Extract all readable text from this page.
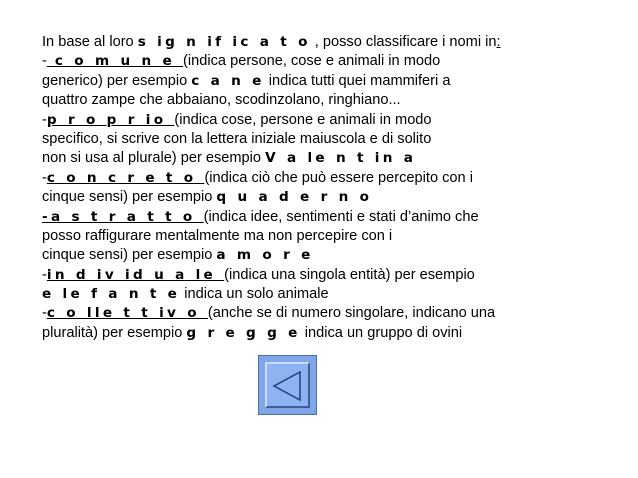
In base al loro s ig n if ic a t o , posso classificare i nomi in:
- c o m u n e (indica persone, cose e animali in modo
generico) per esempio c a n e indica tutti quei mammiferi a
quattro zampe che abbaiano, scodinzolano, ringhiano...
-p r o p r io (indica cose, persone e animali in modo
specifico, si scrive con la lettera iniziale maiuscola e di solito
non si usa al plurale) per esempio V a le n t in a
-c o n c r e t o (indica ciò che può essere percepito con i
cinque sensi) per esempio q u a d e r n o
-a s t r a t t o (indica idee, sentimenti e stati d’animo che
posso raffigurare mentalmente ma non percepire con i
cinque sensi) per esempio a m o r e
-in d iv id u a le (indica una singola entità) per esempio
e le f a n t e indica un solo animale
-c o lle t t iv o (anche se di numero singolare, indicano una
pluralità) per esempio g r e g g e indica un gruppo di ovini
